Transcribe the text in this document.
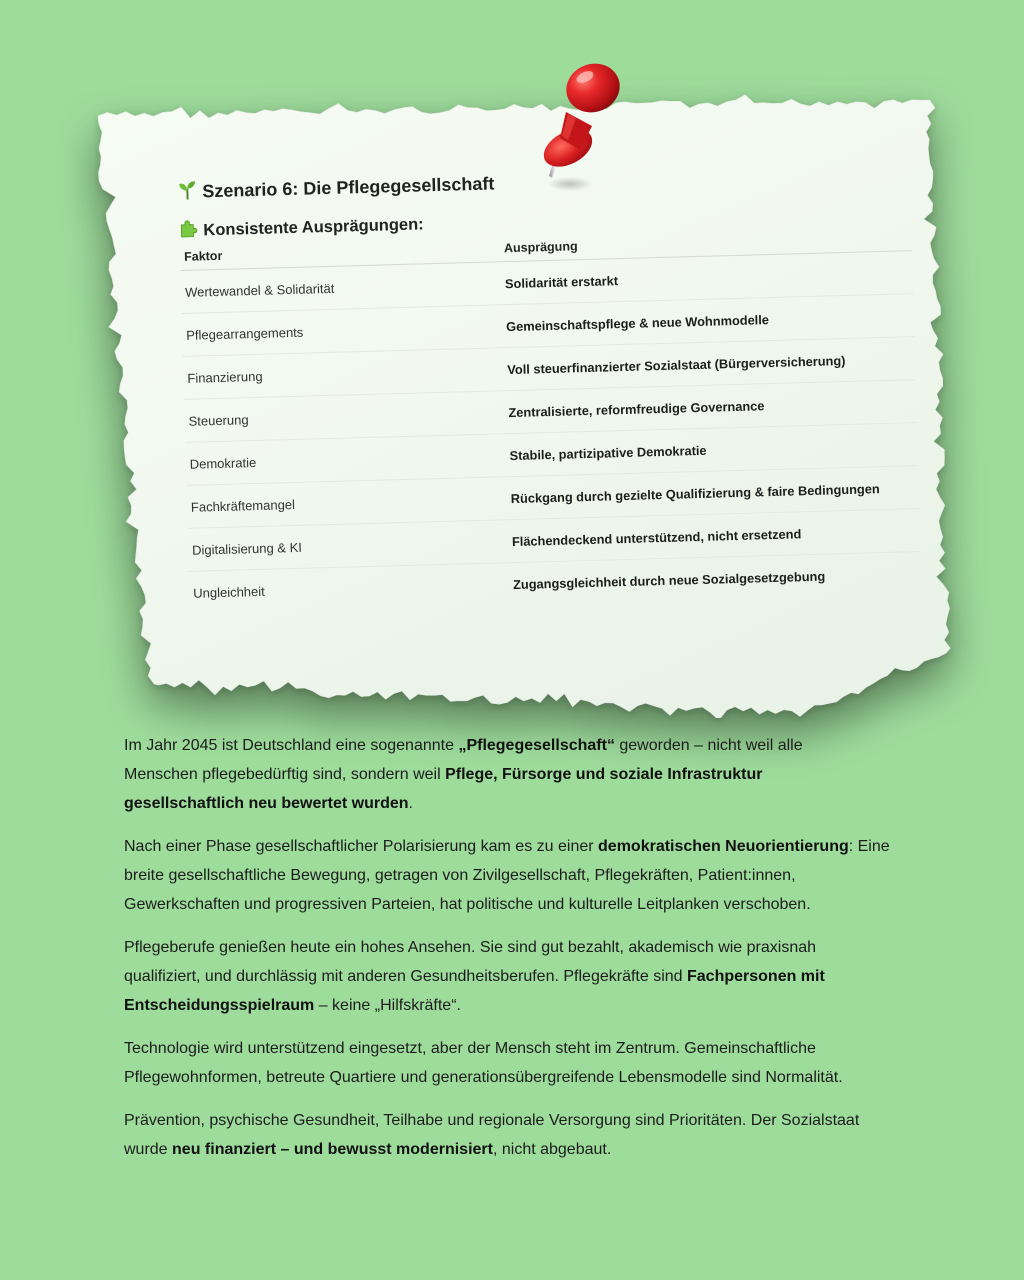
Szenario 6: Die Pflegegesellschaft
Konsistente Ausprägungen:
Faktor	Ausprägung
Wertewandel & Solidarität	Solidarität erstarkt
Pflegearrangements	Gemeinschaftspflege & neue Wohnmodelle
Finanzierung	Voll steuerfinanzierter Sozialstaat (Bürgerversicherung)
Steuerung	Zentralisierte, reformfreudige Governance
Demokratie	Stabile, partizipative Demokratie
Fachkräftemangel	Rückgang durch gezielte Qualifizierung & faire Bedingungen
Digitalisierung & KI	Flächendeckend unterstützend, nicht ersetzend
Ungleichheit	Zugangsgleichheit durch neue Sozialgesetzgebung

Im Jahr 2045 ist Deutschland eine sogenannte „Pflegegesellschaft“ geworden – nicht weil alle
Menschen pflegebedürftig sind, sondern weil Pflege, Fürsorge und soziale Infrastruktur
gesellschaftlich neu bewertet wurden.

Nach einer Phase gesellschaftlicher Polarisierung kam es zu einer demokratischen Neuorientierung: Eine
breite gesellschaftliche Bewegung, getragen von Zivilgesellschaft, Pflegekräften, Patient:innen,
Gewerkschaften und progressiven Parteien, hat politische und kulturelle Leitplanken verschoben.

Pflegeberufe genießen heute ein hohes Ansehen. Sie sind gut bezahlt, akademisch wie praxisnah
qualifiziert, und durchlässig mit anderen Gesundheitsberufen. Pflegekräfte sind Fachpersonen mit
Entscheidungsspielraum – keine „Hilfskräfte“.

Technologie wird unterstützend eingesetzt, aber der Mensch steht im Zentrum. Gemeinschaftliche
Pflegewohnformen, betreute Quartiere und generationsübergreifende Lebensmodelle sind Normalität.

Prävention, psychische Gesundheit, Teilhabe und regionale Versorgung sind Prioritäten. Der Sozialstaat
wurde neu finanziert – und bewusst modernisiert, nicht abgebaut.
